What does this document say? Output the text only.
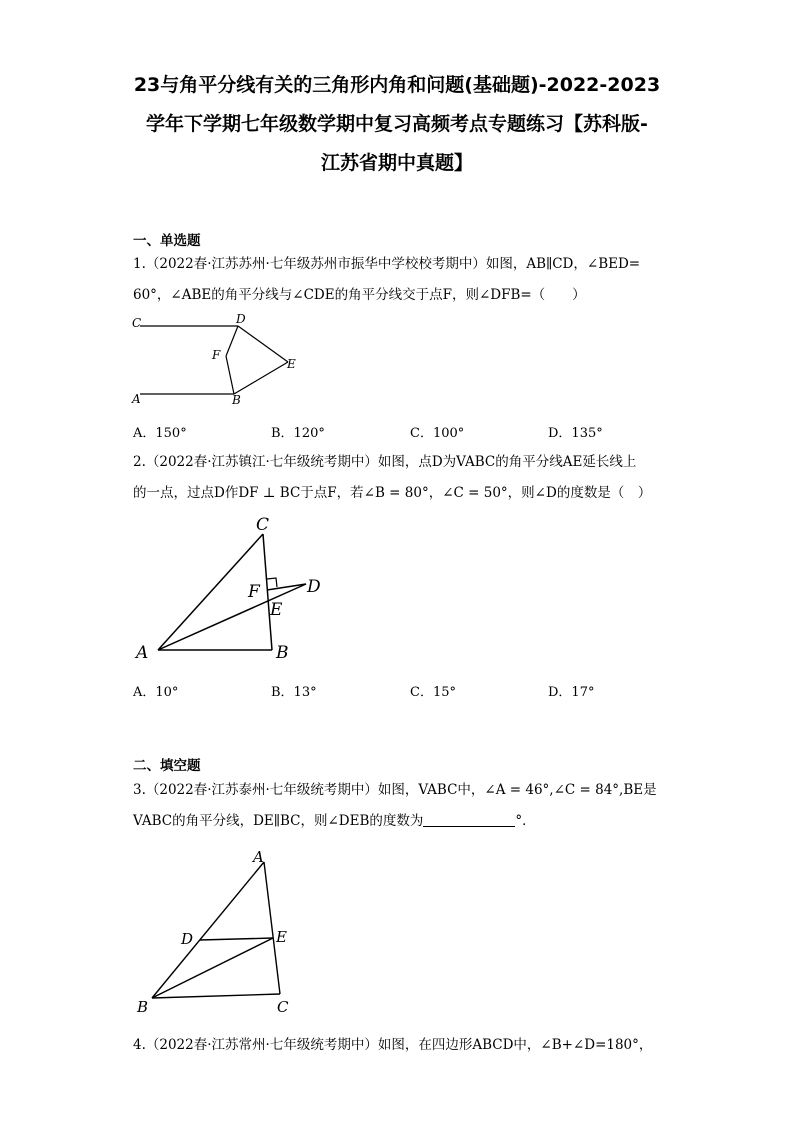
23与角平分线有关的三角形内角和问题(基础题)-2022-2023
学年下学期七年级数学期中复习高频考点专题练习【苏科版-
江苏省期中真题】
一、单选题
1.（2022春·江苏苏州·七年级苏州市振华中学校校考期中）如图，AB∥CD，∠BED=
60°，∠ABE的角平分线与∠CDE的角平分线交于点F，则∠DFB=（　　）
C	D
F
E
A	B
A．150°	B．120°	C．100°	D．135°
2.（2022春·江苏镇江·七年级统考期中）如图，点D为VABC的角平分线AE延长线上
的一点，过点D作DF ⊥ BC于点F，若∠B = 80°，∠C = 50°，则∠D的度数是（　）
C
F	D
E
A	B
A．10°	B．13°	C．15°	D．17°
二、填空题
3.（2022春·江苏泰州·七年级统考期中）如图，VABC中，∠A = 46°,∠C = 84°,BE是
VABC的角平分线，DE∥BC，则∠DEB的度数为	°．
A
D	E
B	C
4.（2022春·江苏常州·七年级统考期中）如图，在四边形ABCD中，∠B+∠D=180°，
